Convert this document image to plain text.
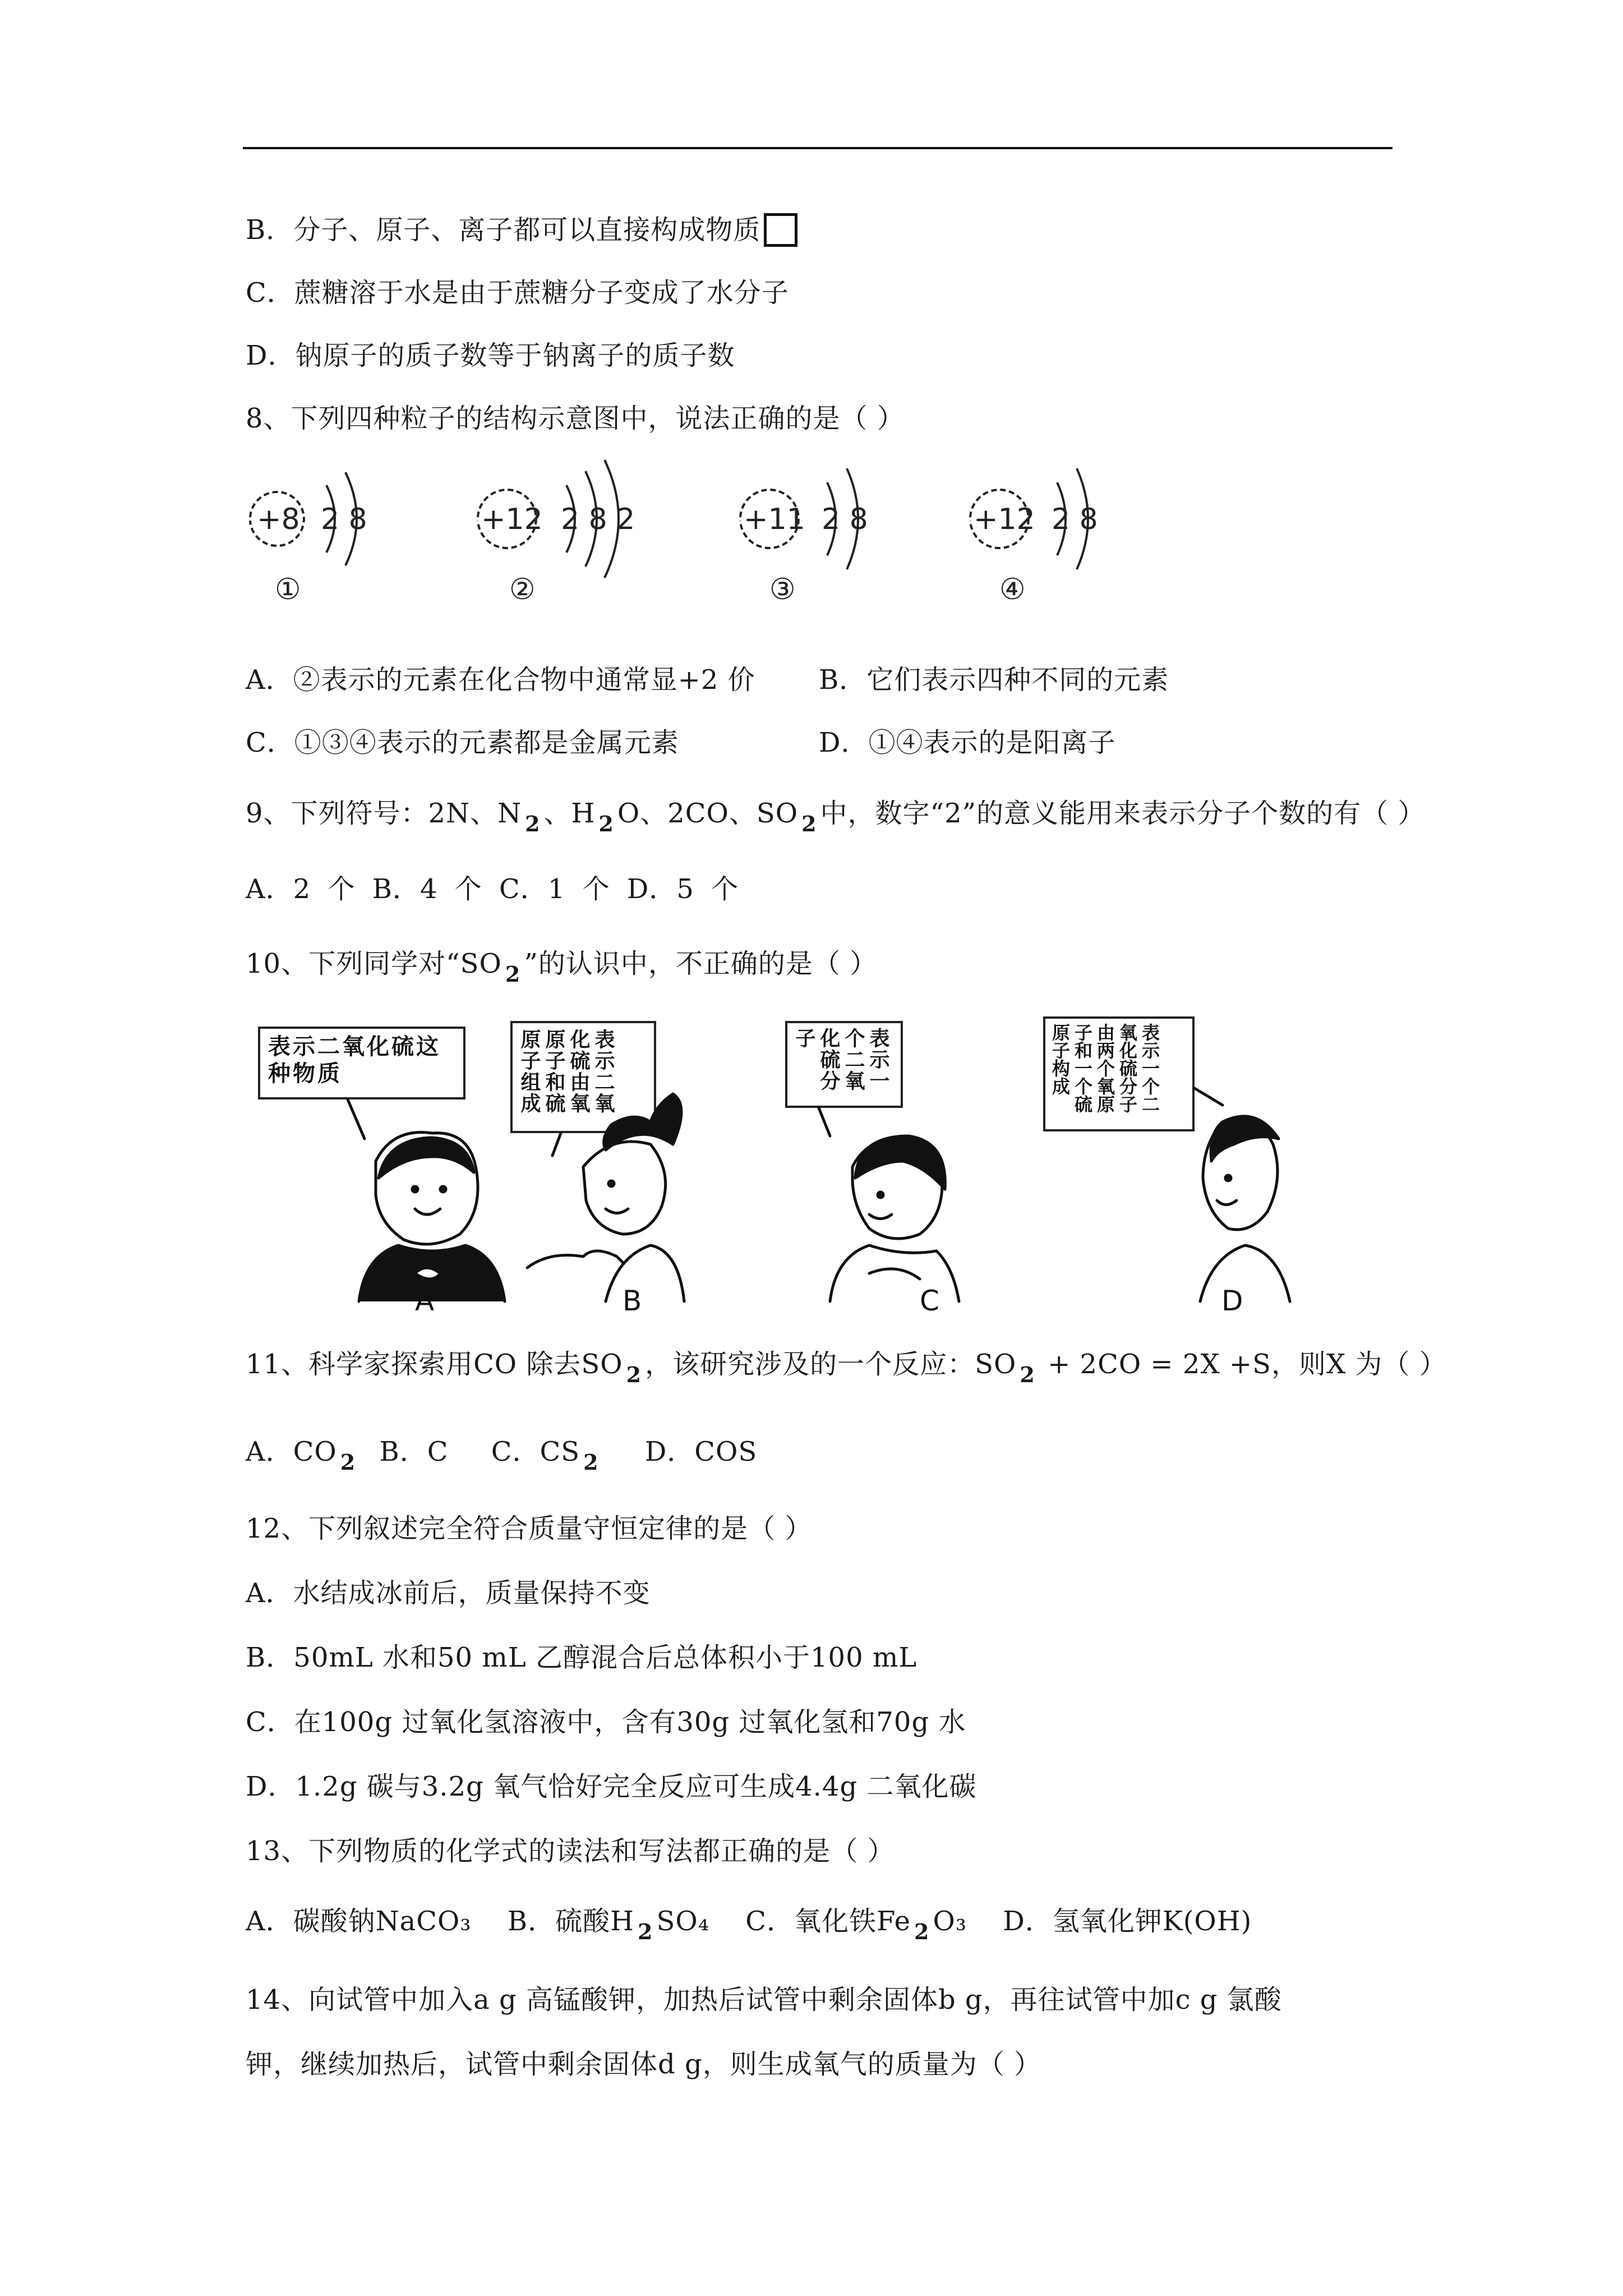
B．分子、原子、离子都可以直接构成物质
C．蔗糖溶于水是由于蔗糖分子变成了水分子
D．钠原子的质子数等于钠离子的质子数
8、下列四种粒子的结构示意图中，说法正确的是（ ）
+8 2 8
①
+12 2 8 2
②
+11 2 8
③
+12 2 8
④
A．②表示的元素在化合物中通常显+2 价 B．它们表示四种不同的元素
C．①③④表示的元素都是金属元素	D．①④表示的是阳离子
9、下列符号：2N、N $_2$ 、H $_2$ O、2CO、SO $_2$ 中，数字“2”的意义能用来表示分子个数的有（ ）
A．2 个 B．4 个 C．1 个 D．5 个
10、下列同学对“SO $_2$ ”的认识中，不正确的是（ ）
表示二氧化硫这种物质	表示二氧化硫由氧原子和硫原子组成	表示一个二氧化硫分子	表示一个二氧化硫分子由两个氧原子和一个硫原子构成
A	B	C	D
11、科学家探索用CO 除去SO $_2$ ，该研究涉及的一个反应：SO $_2$ + 2CO = 2X +S，则X 为（ ）
A．CO $_2$ B．C C．CS $_2$ D．COS
12、下列叙述完全符合质量守恒定律的是（ ）
A．水结成冰前后，质量保持不变
B．50mL 水和50 mL 乙醇混合后总体积小于100 mL
C．在100g 过氧化氢溶液中，含有30g 过氧化氢和70g 水
D．1.2g 碳与3.2g 氧气恰好完全反应可生成4.4g 二氧化碳
13、下列物质的化学式的读法和写法都正确的是（ ）
A．碳酸钠NaCO₃ B．硫酸H $_2$ SO₄ C．氧化铁Fe $_2$ O₃ D．氢氧化钾K(OH)
14、向试管中加入a g 高锰酸钾，加热后试管中剩余固体b g，再往试管中加c g 氯酸
钾，继续加热后，试管中剩余固体d g，则生成氧气的质量为（ ）
